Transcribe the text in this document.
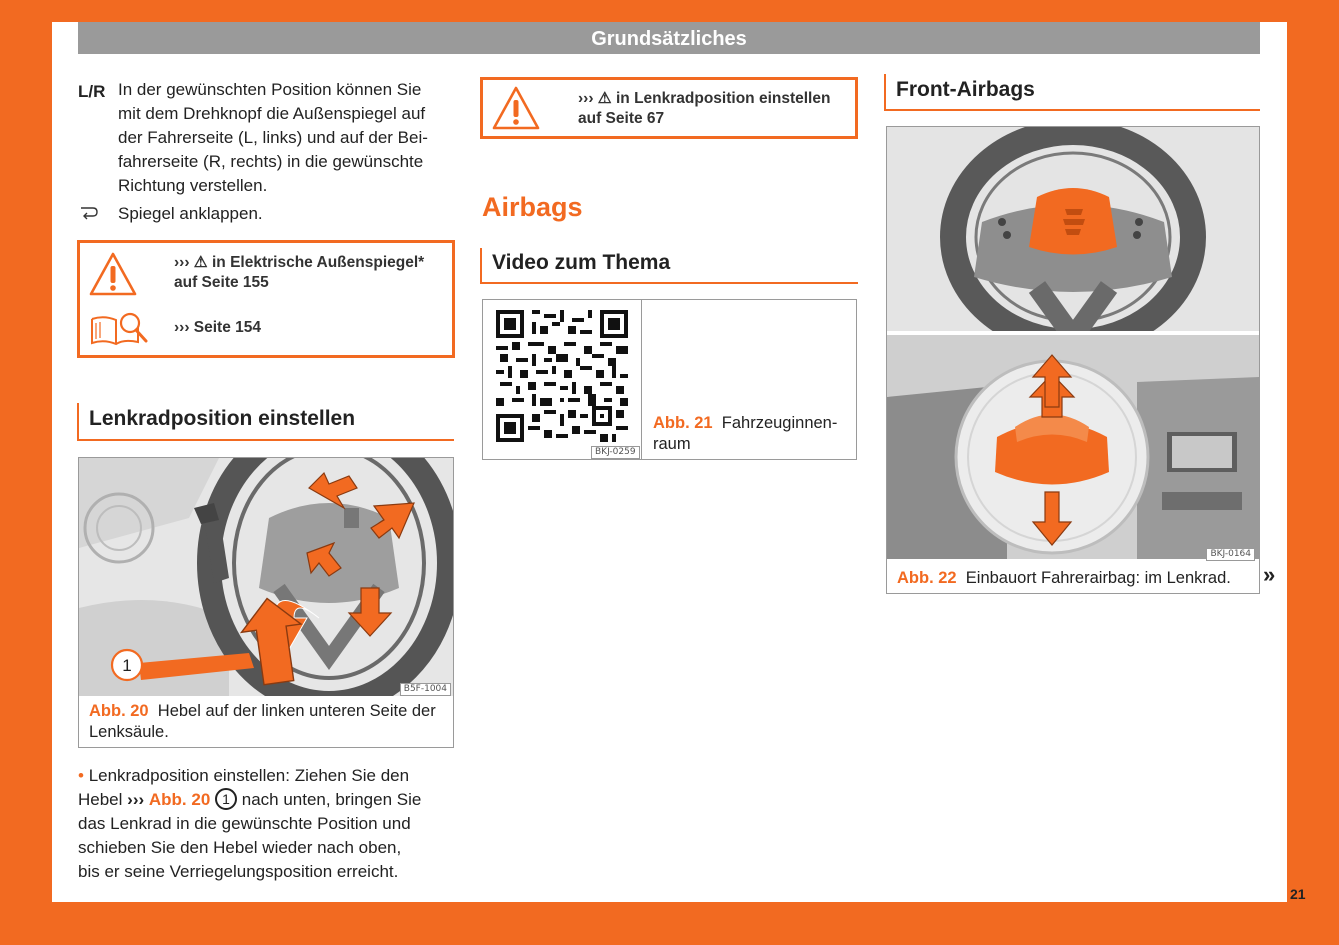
Grundsätzliches
L/R In der gewünschten Position können Sie
mit dem Drehknopf die Außenspiegel auf
der Fahrerseite (L, links) und auf der Bei-
fahrerseite (R, rechts) in die gewünschte
Richtung verstellen.
Spiegel anklappen.
››› ⚠ in Elektrische Außenspiegel*
auf Seite 155
››› Seite 154
Lenkradposition einstellen
1
B5F-1004
Abb. 20 Hebel auf der linken unteren Seite der
Lenksäule.
• Lenkradposition einstellen: Ziehen Sie den
Hebel ››› Abb. 20 1 nach unten, bringen Sie
das Lenkrad in die gewünschte Position und
schieben Sie den Hebel wieder nach oben,
bis er seine Verriegelungsposition erreicht.
››› ⚠ in Lenkradposition einstellen
auf Seite 67
Airbags
Video zum Thema
BKJ-0259
Abb. 21 Fahrzeuginnen-
raum
Front-Airbags
BKJ-0164
Abb. 22 Einbauort Fahrerairbag: im Lenkrad.	»
21
